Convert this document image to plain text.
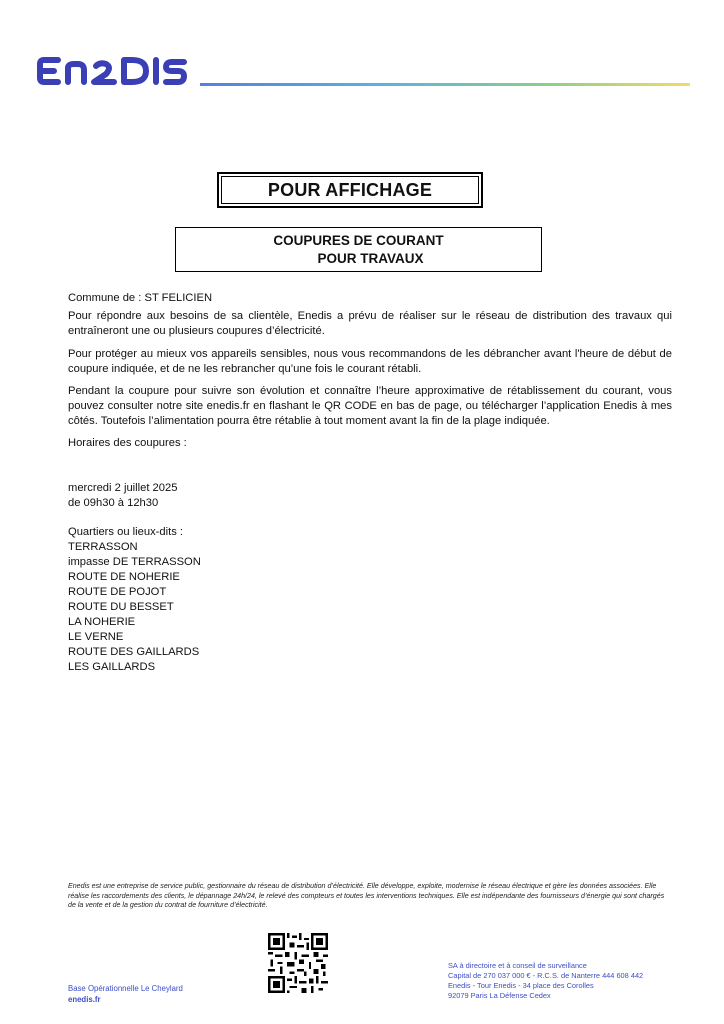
POUR AFFICHAGE
COUPURES DE COURANT
POUR TRAVAUX
Commune de : ST FELICIEN
Pour répondre aux besoins de sa clientèle, Enedis a prévu de réaliser sur le réseau de distribution des travaux qui entraîneront une ou plusieurs coupures d’électricité.
Pour protéger au mieux vos appareils sensibles, nous vous recommandons de les débrancher avant l'heure de début de coupure indiquée, et de ne les rebrancher qu’une fois le courant rétabli.
Pendant la coupure pour suivre son évolution et connaître l’heure approximative de rétablissement du courant, vous pouvez consulter notre site enedis.fr en flashant le QR CODE en bas de page, ou télécharger l’application Enedis à mes côtés. Toutefois l’alimentation pourra être rétablie à tout moment avant la fin de la plage indiquée.
Horaires des coupures :
mercredi 2 juillet 2025
de 09h30 à 12h30
Quartiers ou lieux-dits :
TERRASSON
impasse DE TERRASSON
ROUTE DE NOHERIE
ROUTE DE POJOT
ROUTE DU BESSET
LA NOHERIE
LE VERNE
ROUTE DES GAILLARDS
LES GAILLARDS
Enedis est une entreprise de service public, gestionnaire du réseau de distribution d’électricité. Elle développe, exploite, modernise le réseau électrique et gère les données associées. Elle réalise les raccordements des clients, le dépannage 24h/24, le relevé des compteurs et toutes les interventions techniques. Elle est indépendante des fournisseurs d’énergie qui sont chargés de la vente et de la gestion du contrat de fourniture d’électricité.
Base Opérationnelle Le Cheylard
enedis.fr
SA à directoire et à conseil de surveillance
Capital de 270 037 000 € - R.C.S. de Nanterre 444 608 442
Enedis - Tour Enedis - 34 place des Corolles
92079 Paris La Défense Cedex
